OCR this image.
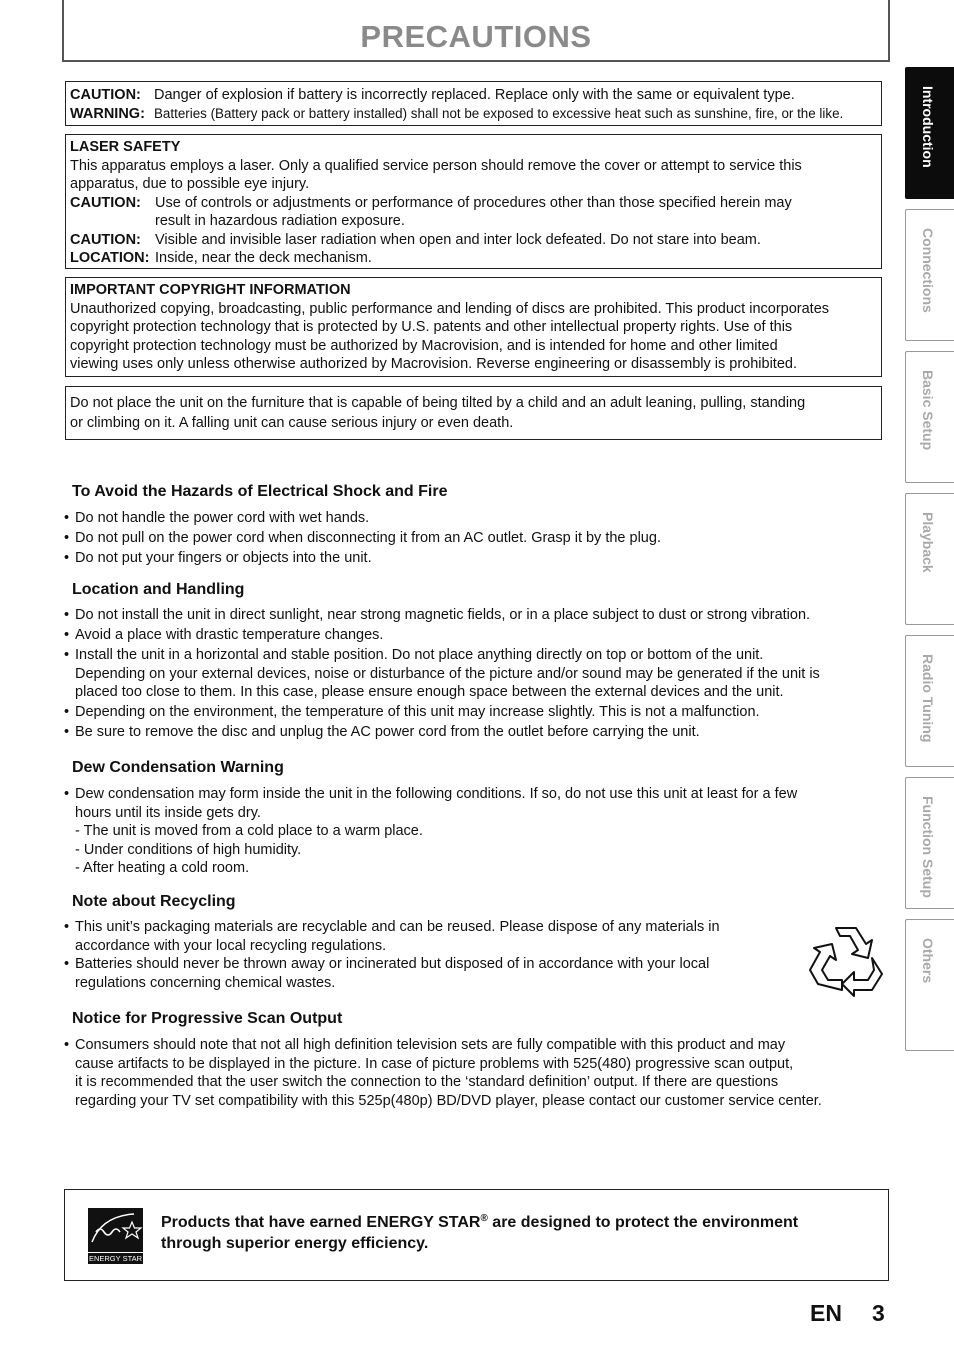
PRECAUTIONS
CAUTION: Danger of explosion if battery is incorrectly replaced. Replace only with the same or equivalent type.
WARNING: Batteries (Battery pack or battery installed) shall not be exposed to excessive heat such as sunshine, fire, or the like.
LASER SAFETY
This apparatus employs a laser. Only a qualified service person should remove the cover or attempt to service this
apparatus, due to possible eye injury.
CAUTION: Use of controls or adjustments or performance of procedures other than those specified herein may
result in hazardous radiation exposure.
CAUTION: Visible and invisible laser radiation when open and inter lock defeated. Do not stare into beam.
LOCATION: Inside, near the deck mechanism.
IMPORTANT COPYRIGHT INFORMATION
Unauthorized copying, broadcasting, public performance and lending of discs are prohibited. This product incorporates
copyright protection technology that is protected by U.S. patents and other intellectual property rights. Use of this
copyright protection technology must be authorized by Macrovision, and is intended for home and other limited
viewing uses only unless otherwise authorized by Macrovision. Reverse engineering or disassembly is prohibited.
Do not place the unit on the furniture that is capable of being tilted by a child and an adult leaning, pulling, standing
or climbing on it. A falling unit can cause serious injury or even death.
To Avoid the Hazards of Electrical Shock and Fire
• Do not handle the power cord with wet hands.
• Do not pull on the power cord when disconnecting it from an AC outlet. Grasp it by the plug.
• Do not put your fingers or objects into the unit.
Location and Handling
• Do not install the unit in direct sunlight, near strong magnetic fields, or in a place subject to dust or strong vibration.
• Avoid a place with drastic temperature changes.
• Install the unit in a horizontal and stable position. Do not place anything directly on top or bottom of the unit.
Depending on your external devices, noise or disturbance of the picture and/or sound may be generated if the unit is
placed too close to them. In this case, please ensure enough space between the external devices and the unit.
• Depending on the environment, the temperature of this unit may increase slightly. This is not a malfunction.
• Be sure to remove the disc and unplug the AC power cord from the outlet before carrying the unit.
Dew Condensation Warning
• Dew condensation may form inside the unit in the following conditions. If so, do not use this unit at least for a few
hours until its inside gets dry.
- The unit is moved from a cold place to a warm place.
- Under conditions of high humidity.
- After heating a cold room.
Note about Recycling
• This unit’s packaging materials are recyclable and can be reused. Please dispose of any materials in
accordance with your local recycling regulations.
• Batteries should never be thrown away or incinerated but disposed of in accordance with your local
regulations concerning chemical wastes.
Notice for Progressive Scan Output
• Consumers should note that not all high definition television sets are fully compatible with this product and may
cause artifacts to be displayed in the picture. In case of picture problems with 525(480) progressive scan output,
it is recommended that the user switch the connection to the ‘standard definition’ output. If there are questions
regarding your TV set compatibility with this 525p(480p) BD/DVD player, please contact our customer service center.
ENERGY STAR
Products that have earned ENERGY STAR® are designed to protect the environment
through superior energy efficiency.
Introduction
Connections
Basic Setup
Playback
Radio Tuning
Function Setup
Others
EN 3
